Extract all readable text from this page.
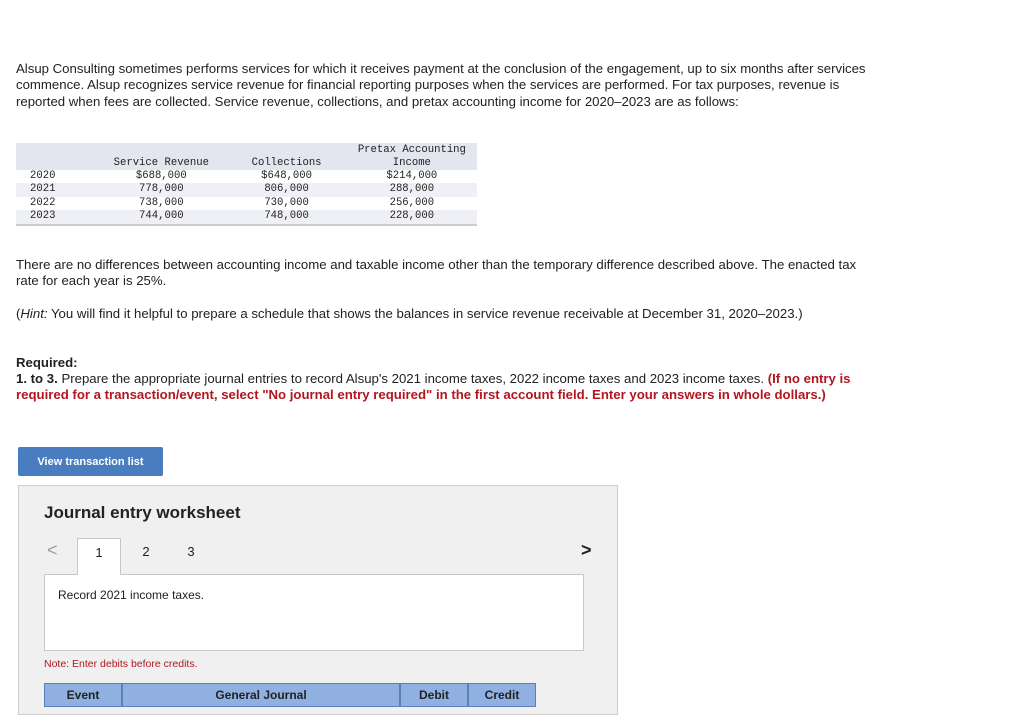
Alsup Consulting sometimes performs services for which it receives payment at the conclusion of the engagement, up to six months after services commence. Alsup recognizes service revenue for financial reporting purposes when the services are performed. For tax purposes, revenue is reported when fees are collected. Service revenue, collections, and pretax accounting income for 2020–2023 are as follows:

	Service Revenue	Collections	Pretax Accounting
Income
2020	$688,000	$648,000	$214,000
2021	778,000	806,000	288,000
2022	738,000	730,000	256,000
2023	744,000	748,000	228,000

There are no differences between accounting income and taxable income other than the temporary difference described above. The enacted tax rate for each year is 25%.

(Hint: You will find it helpful to prepare a schedule that shows the balances in service revenue receivable at December 31, 2020–2023.)

Required:
1. to 3. Prepare the appropriate journal entries to record Alsup's 2021 income taxes, 2022 income taxes and 2023 income taxes. (If no entry is required for a transaction/event, select "No journal entry required" in the first account field. Enter your answers in whole dollars.)

View transaction list
Journal entry worksheet
<	1	2	3	>
Record 2021 income taxes.
Note: Enter debits before credits.
Event	General Journal	Debit	Credit
